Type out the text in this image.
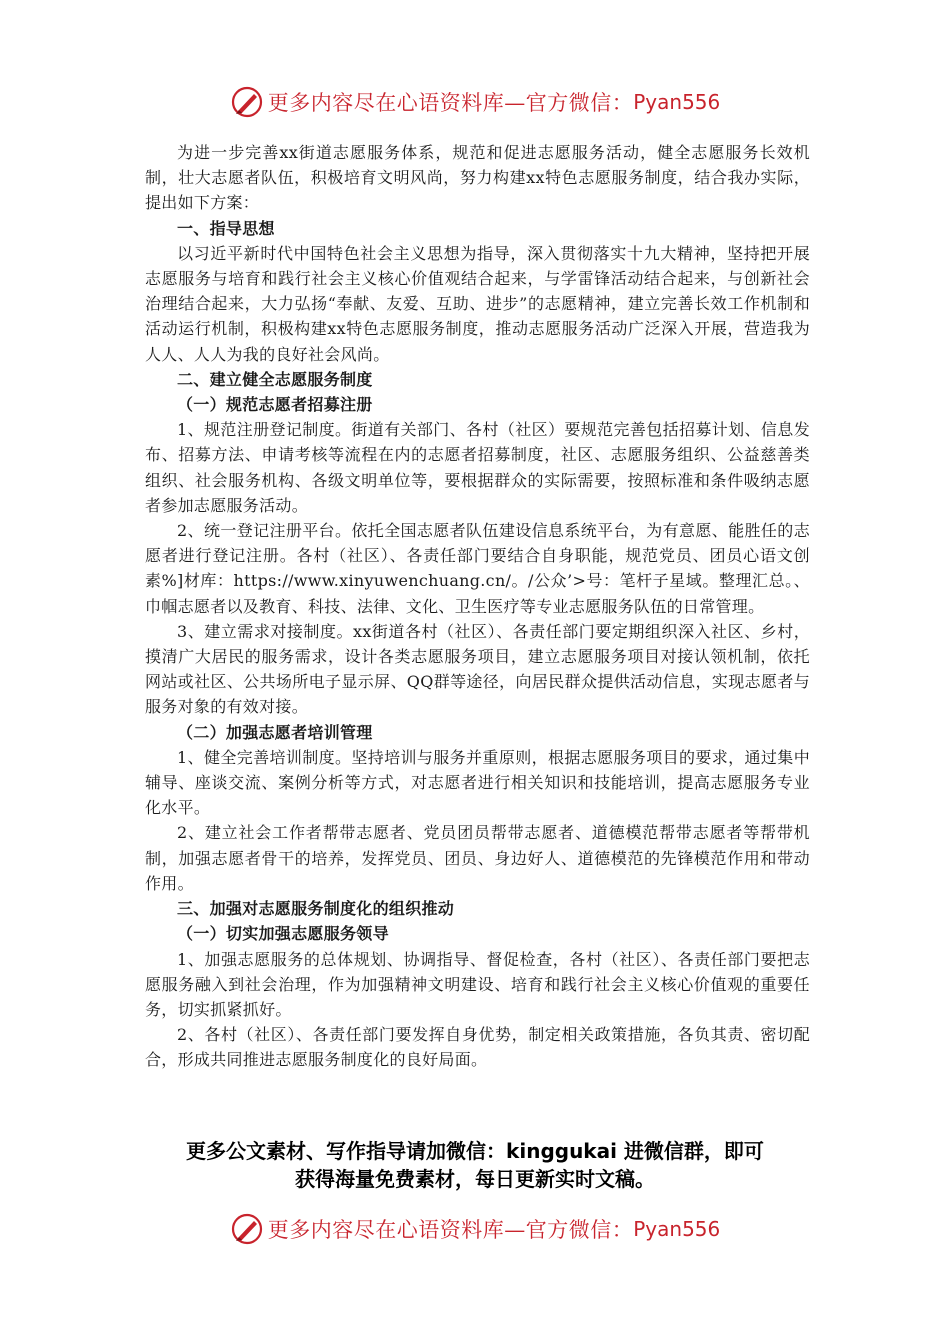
更多内容尽在心语资料库—官方微信： Pyan556

为进一步完善xx街道志愿服务体系，规范和促进志愿服务活动，健全志愿服务长效机制，壮大志愿者队伍，积极培育文明风尚，努力构建xx特色志愿服务制度，结合我办实际，提出如下方案：

一、指导思想

以习近平新时代中国特色社会主义思想为指导，深入贯彻落实十九大精神，坚持把开展志愿服务与培育和践行社会主义核心价值观结合起来，与学雷锋活动结合起来，与创新社会治理结合起来，大力弘扬“奉献、友爱、互助、进步”的志愿精神，建立完善长效工作机制和活动运行机制，积极构建xx特色志愿服务制度，推动志愿服务活动广泛深入开展，营造我为人人、人人为我的良好社会风尚。

二、建立健全志愿服务制度

（一）规范志愿者招募注册

1、规范注册登记制度。街道有关部门、各村（社区）要规范完善包括招募计划、信息发布、招募方法、申请考核等流程在内的志愿者招募制度，社区、志愿服务组织、公益慈善类组织、社会服务机构、各级文明单位等，要根据群众的实际需要，按照标准和条件吸纳志愿者参加志愿服务活动。

2、统一登记注册平台。依托全国志愿者队伍建设信息系统平台，为有意愿、能胜任的志愿者进行登记注册。各村（社区）、各责任部门要结合自身职能，规范党员、团员心语文创素%]材库：https://www.xinyuwenchuang.cn/。/公众’>号：笔杆子星域。整理汇总。、巾帼志愿者以及教育、科技、法律、文化、卫生医疗等专业志愿服务队伍的日常管理。

3、建立需求对接制度。xx街道各村（社区）、各责任部门要定期组织深入社区、乡村，摸清广大居民的服务需求，设计各类志愿服务项目，建立志愿服务项目对接认领机制，依托网站或社区、公共场所电子显示屏、QQ群等途径，向居民群众提供活动信息，实现志愿者与服务对象的有效对接。

（二）加强志愿者培训管理

1、健全完善培训制度。坚持培训与服务并重原则，根据志愿服务项目的要求，通过集中辅导、座谈交流、案例分析等方式，对志愿者进行相关知识和技能培训，提高志愿服务专业化水平。

2、建立社会工作者帮带志愿者、党员团员帮带志愿者、道德模范帮带志愿者等帮带机制，加强志愿者骨干的培养，发挥党员、团员、身边好人、道德模范的先锋模范作用和带动作用。

三、加强对志愿服务制度化的组织推动

（一）切实加强志愿服务领导

1、加强志愿服务的总体规划、协调指导、督促检查，各村（社区）、各责任部门要把志愿服务融入到社会治理，作为加强精神文明建设、培育和践行社会主义核心价值观的重要任务，切实抓紧抓好。

2、各村（社区）、各责任部门要发挥自身优势，制定相关政策措施，各负其责、密切配合，形成共同推进志愿服务制度化的良好局面。

更多公文素材、写作指导请加微信：kinggukai 进微信群，即可
获得海量免费素材，每日更新实时文稿。
更多内容尽在心语资料库—官方微信： Pyan556
